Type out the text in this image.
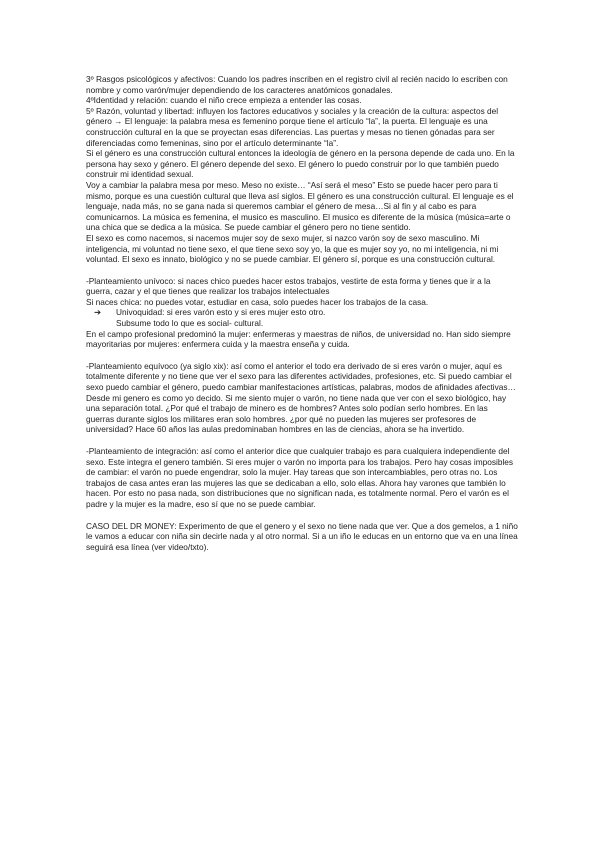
3º Rasgos psicológicos y afectivos: Cuando los padres inscriben en el registro civil al recién nacido lo escriben con nombre y como varón/mujer dependiendo de los caracteres anatómicos gonadales.

4ºIdentidad y relación: cuando el niño crece empieza a entender las cosas.

5º Razón, voluntad y libertad: influyen los factores educativos y sociales y la creación de la cultura: aspectos del género → El lenguaje: la palabra mesa es femenino porque tiene el artículo “la”, la puerta. El lenguaje es una construcción cultural en la que se proyectan esas diferencias. Las puertas y mesas no tienen gónadas para ser diferenciadas como femeninas, sino por el artículo determinante “la”.

Si el género es una construcción cultural entonces la ideología de género en la persona depende de cada uno. En la persona hay sexo y género. El género depende del sexo. El género lo puedo construir por lo que también puedo construir mi identidad sexual.

Voy a cambiar la palabra mesa por meso. Meso no existe… “Así será el meso” Esto se puede hacer pero para ti mismo, porque es una cuestión cultural que lleva así siglos. El género es una construcción cultural. El lenguaje es el lenguaje, nada más, no se gana nada si queremos cambiar el género de mesa…Si al fin y al cabo es para comunicarnos. La música es femenina, el musico es masculino. El musico es diferente de la música (música=arte o una chica que se dedica a la música. Se puede cambiar el género pero no tiene sentido.

El sexo es como nacemos, si nacemos mujer soy de sexo mujer, si nazco varón soy de sexo masculino. Mi inteligencia, mi voluntad no tiene sexo, el que tiene sexo soy yo, la que es mujer soy yo, no mi inteligencia, ni mi voluntad. El sexo es innato, biológico y no se puede cambiar. El género sí, porque es una construcción cultural.

-Planteamiento unívoco: si naces chico puedes hacer estos trabajos, vestirte de esta forma y tienes que ir a la guerra, cazar y el que tienes que realizar los trabajos intelectuales

Si naces chica: no puedes votar, estudiar en casa, solo puedes hacer los trabajos de la casa.

➔	Univoquidad: si eres varón esto y si eres mujer esto otro.

Subsume todo lo que es social- cultural.

En el campo profesional predominó la mujer: enfermeras y maestras de niños, de universidad no. Han sido siempre mayoritarias por mujeres: enfermera cuida y la maestra enseña y cuida.

-Planteamiento equívoco (ya siglo xix): así como el anterior el todo era derivado de si eres varón o mujer, aquí es totalmente diferente y no tiene que ver el sexo para las diferentes actividades, profesiones, etc. Si puedo cambiar el sexo puedo cambiar el género, puedo cambiar manifestaciones artísticas, palabras, modos de afinidades afectivas…Desde mi genero es como yo decido. Si me siento mujer o varón, no tiene nada que ver con el sexo biológico, hay una separación total. ¿Por qué el trabajo de minero es de hombres? Antes solo podían serlo hombres. En las guerras durante siglos los militares eran solo hombres. ¿por qué no pueden las mujeres ser profesores de universidad? Hace 60 años las aulas predominaban hombres en las de ciencias, ahora se ha invertido.

-Planteamiento de integración: así como el anterior dice que cualquier trabajo es para cualquiera independiente del sexo. Este integra el genero también. Si eres mujer o varón no importa para los trabajos. Pero hay cosas imposibles de cambiar: el varón no puede engendrar, solo la mujer. Hay tareas que son intercambiables, pero otras no. Los trabajos de casa antes eran las mujeres las que se dedicaban a ello, solo ellas. Ahora hay varones que también lo hacen. Por esto no pasa nada, son distribuciones que no significan nada, es totalmente normal. Pero el varón es el padre y la mujer es la madre, eso sí que no se puede cambiar.

CASO DEL DR MONEY: Experimento de que el genero y el sexo no tiene nada que ver. Que a dos gemelos, a 1 niño le vamos a educar con niña sin decirle nada y al otro normal. Si a un iño le educas en un entorno que va en una línea seguirá esa línea (ver video/txto).
